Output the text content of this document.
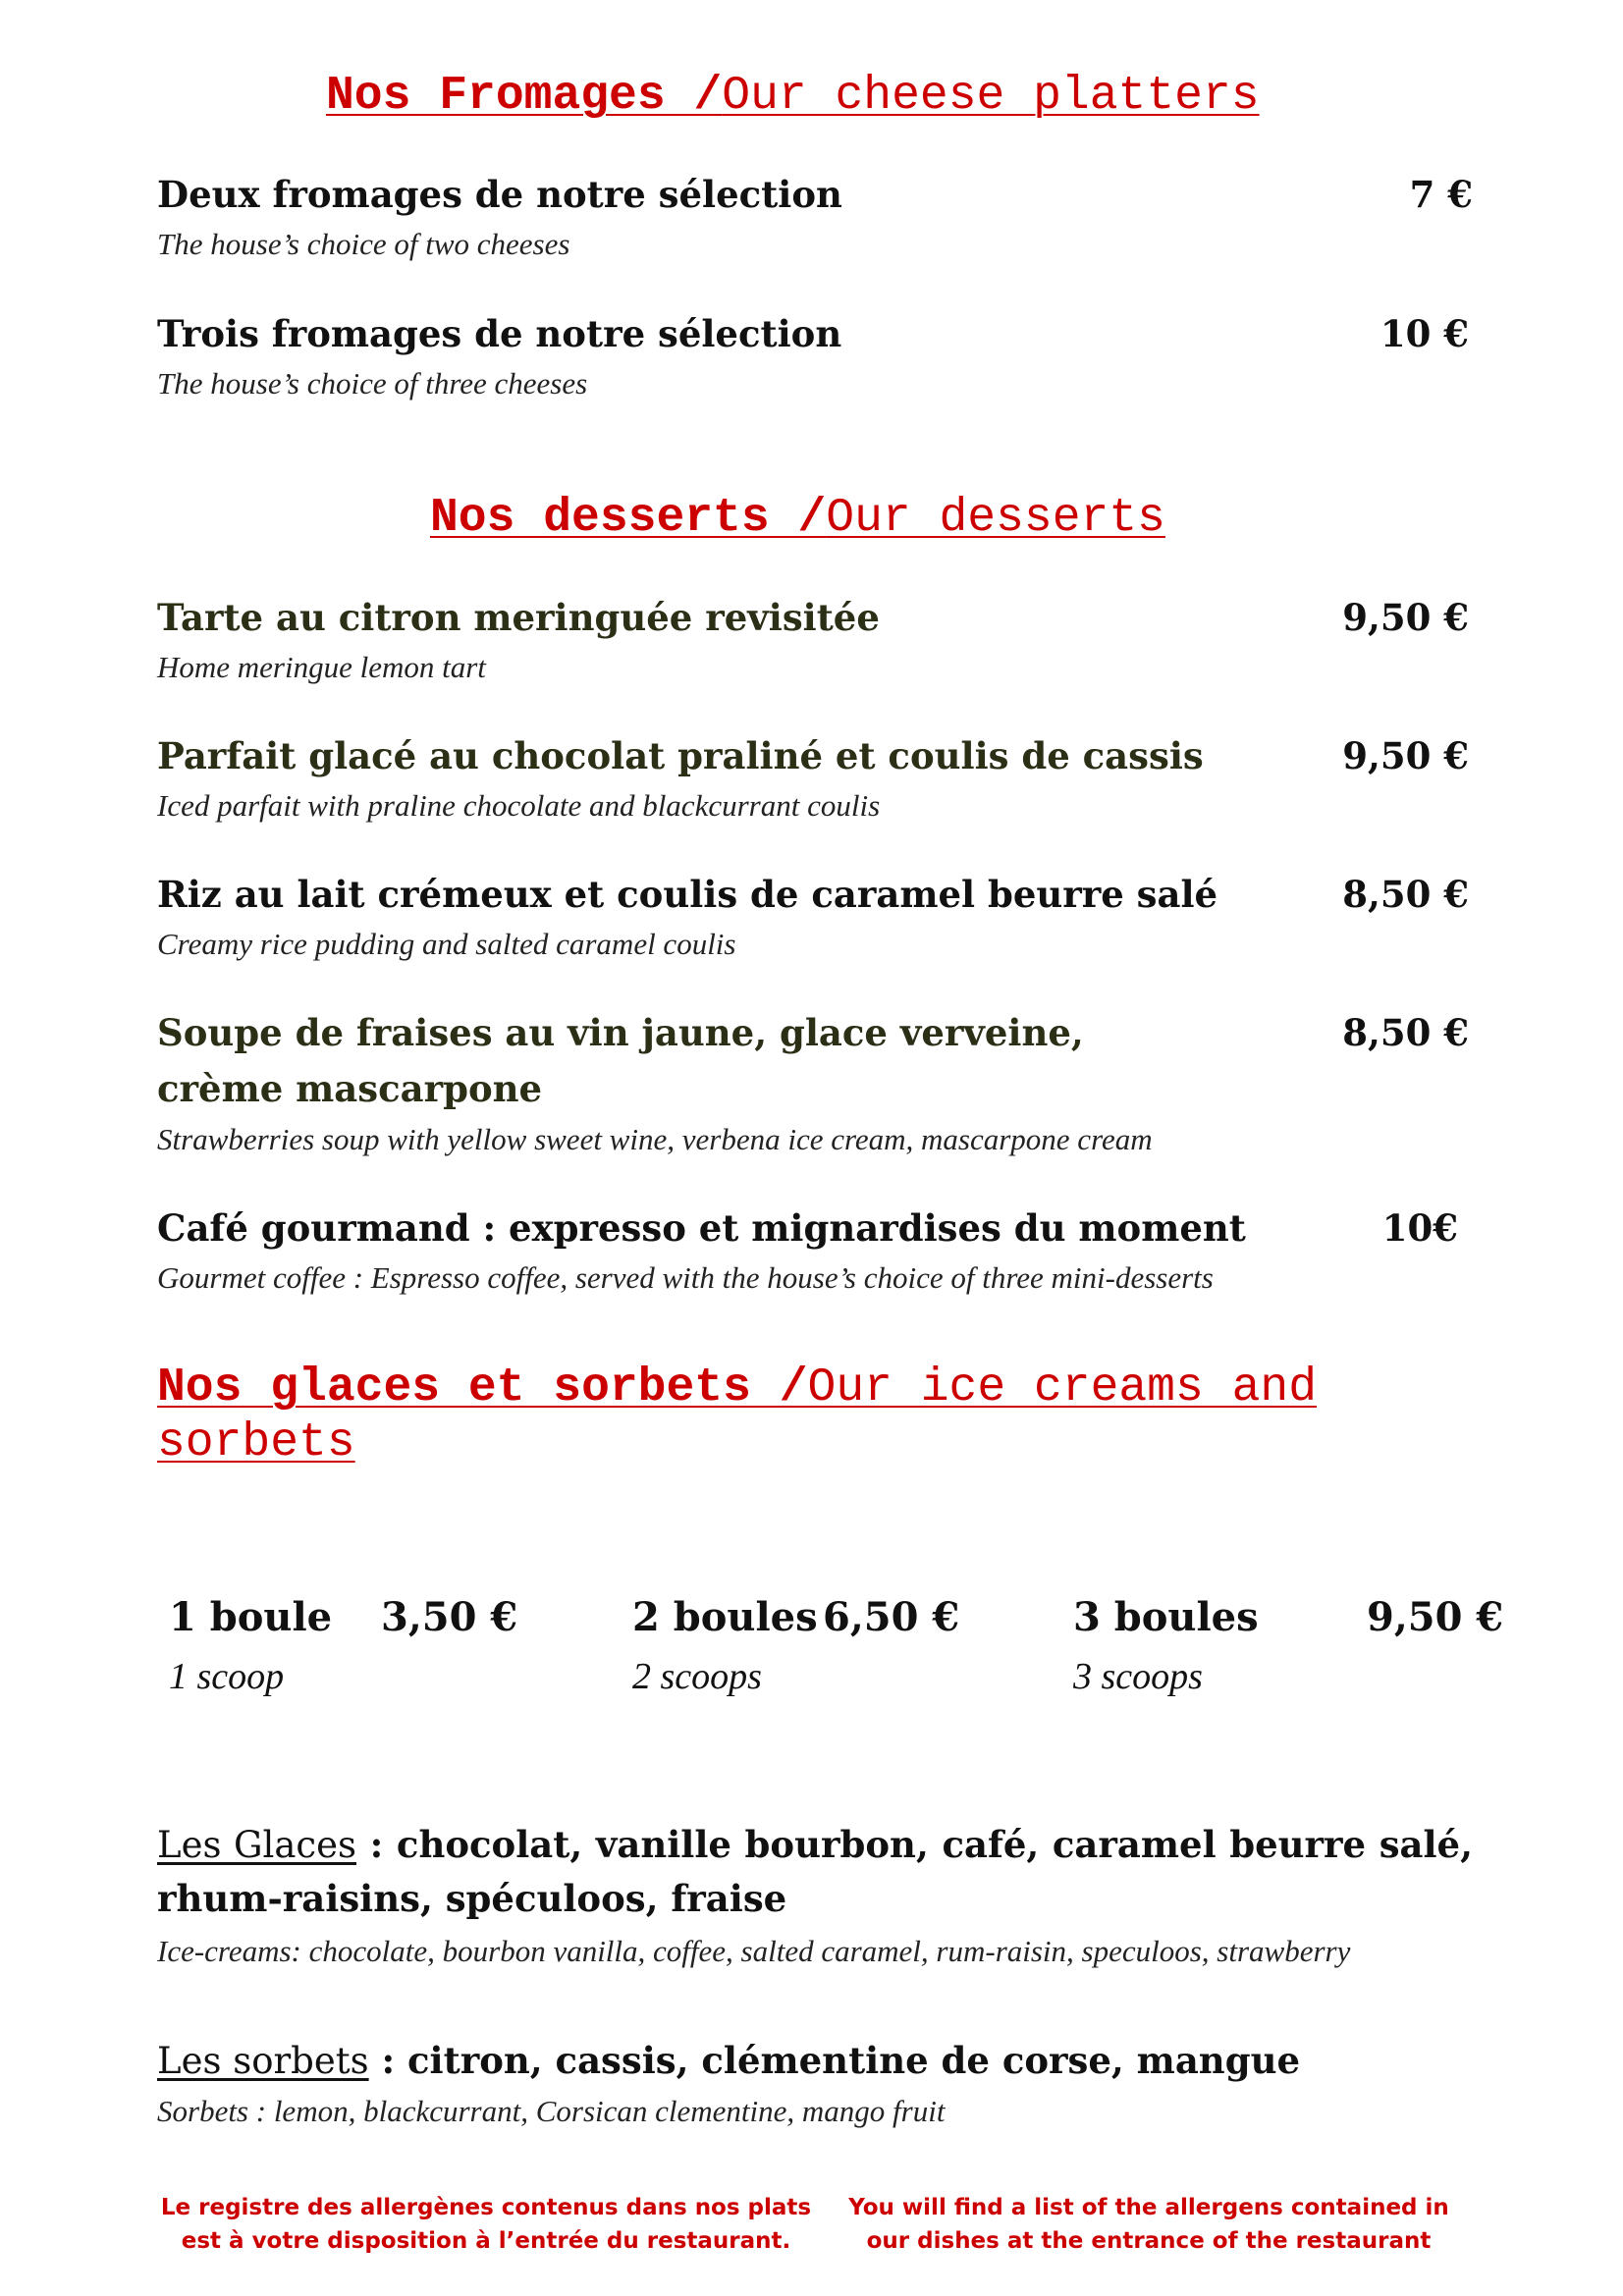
Nos Fromages /Our cheese platters
Deux fromages de notre sélection	7 €
The house’s choice of two cheeses
Trois fromages de notre sélection	10 €
The house’s choice of three cheeses
Nos desserts /Our desserts
Tarte au citron meringuée revisitée	9,50 €
Home meringue lemon tart
Parfait glacé au chocolat praliné et coulis de cassis	9,50 €
Iced parfait with praline chocolate and blackcurrant coulis
Riz au lait crémeux et coulis de caramel beurre salé	8,50 €
Creamy rice pudding and salted caramel coulis
Soupe de fraises au vin jaune, glace verveine,	8,50 €
crème mascarpone
Strawberries soup with yellow sweet wine, verbena ice cream, mascarpone cream
Café gourmand : expresso et mignardises du moment	10€
Gourmet coffee : Espresso coffee, served with the house’s choice of three mini-desserts
Nos glaces et sorbets /Our ice creams and sorbets
1 boule 3,50 €
1 scoop
2 boules 6,50 €
2 scoops
3 boules	9,50 €
3 scoops
Les Glaces : chocolat, vanille bourbon, café, caramel beurre salé, rhum-raisins, spéculoos, fraise
Ice-creams: chocolate, bourbon vanilla, coffee, salted caramel, rum-raisin, speculoos, strawberry
Les sorbets : citron, cassis, clémentine de corse, mangue
Sorbets : lemon, blackcurrant, Corsican clementine, mango fruit
Le registre des allergènes contenus dans nos plats est à votre disposition à l’entrée du restaurant.
You will find a list of the allergens contained in our dishes at the entrance of the restaurant
